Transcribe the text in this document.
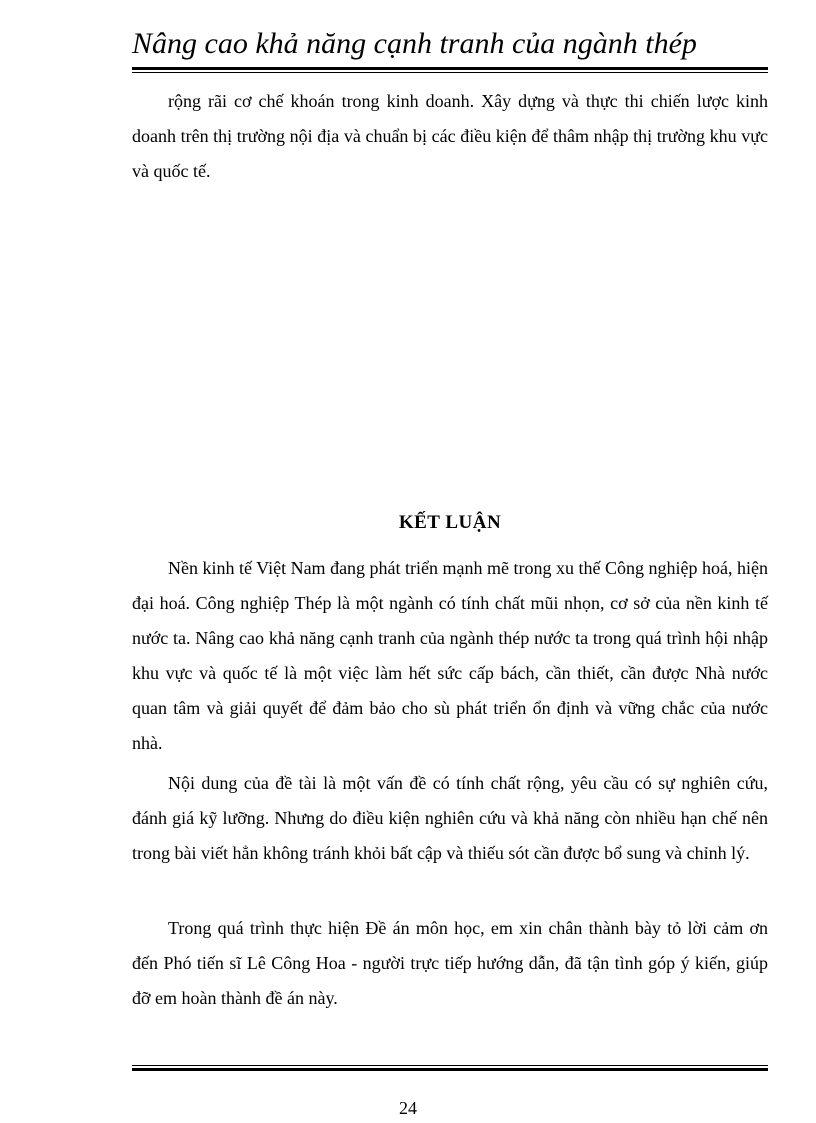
Nâng cao khả năng cạnh tranh của ngành thép

rộng rãi cơ chế khoán trong kinh doanh. Xây dựng và thực thi chiến lược kinh doanh trên thị trường nội địa và chuẩn bị các điều kiện để thâm nhập thị trường khu vực và quốc tế.

KẾT LUẬN

Nền kinh tế Việt Nam đang phát triển mạnh mẽ trong xu thế Công nghiệp hoá, hiện đại hoá. Công nghiệp Thép là một ngành có tính chất mũi nhọn, cơ sở của nền kinh tế nước ta. Nâng cao khả năng cạnh tranh của ngành thép nước ta trong quá trình hội nhập khu vực và quốc tế là một việc làm hết sức cấp bách, cần thiết, cần được Nhà nước quan tâm và giải quyết để đảm bảo cho sù phát triển ổn định và vững chắc của nước nhà.

Nội dung của đề tài là một vấn đề có tính chất rộng, yêu cầu có sự nghiên cứu, đánh giá kỹ lưỡng. Nhưng do điều kiện nghiên cứu và khả năng còn nhiều hạn chế nên trong bài viết hẳn không tránh khỏi bất cập và thiếu sót cần được bổ sung và chỉnh lý.

Trong quá trình thực hiện Đề án môn học, em xin chân thành bày tỏ lời cảm ơn đến Phó tiến sĩ Lê Công Hoa - người trực tiếp hướng dẫn, đã tận tình góp ý kiến, giúp đỡ em hoàn thành đề án này.

24
